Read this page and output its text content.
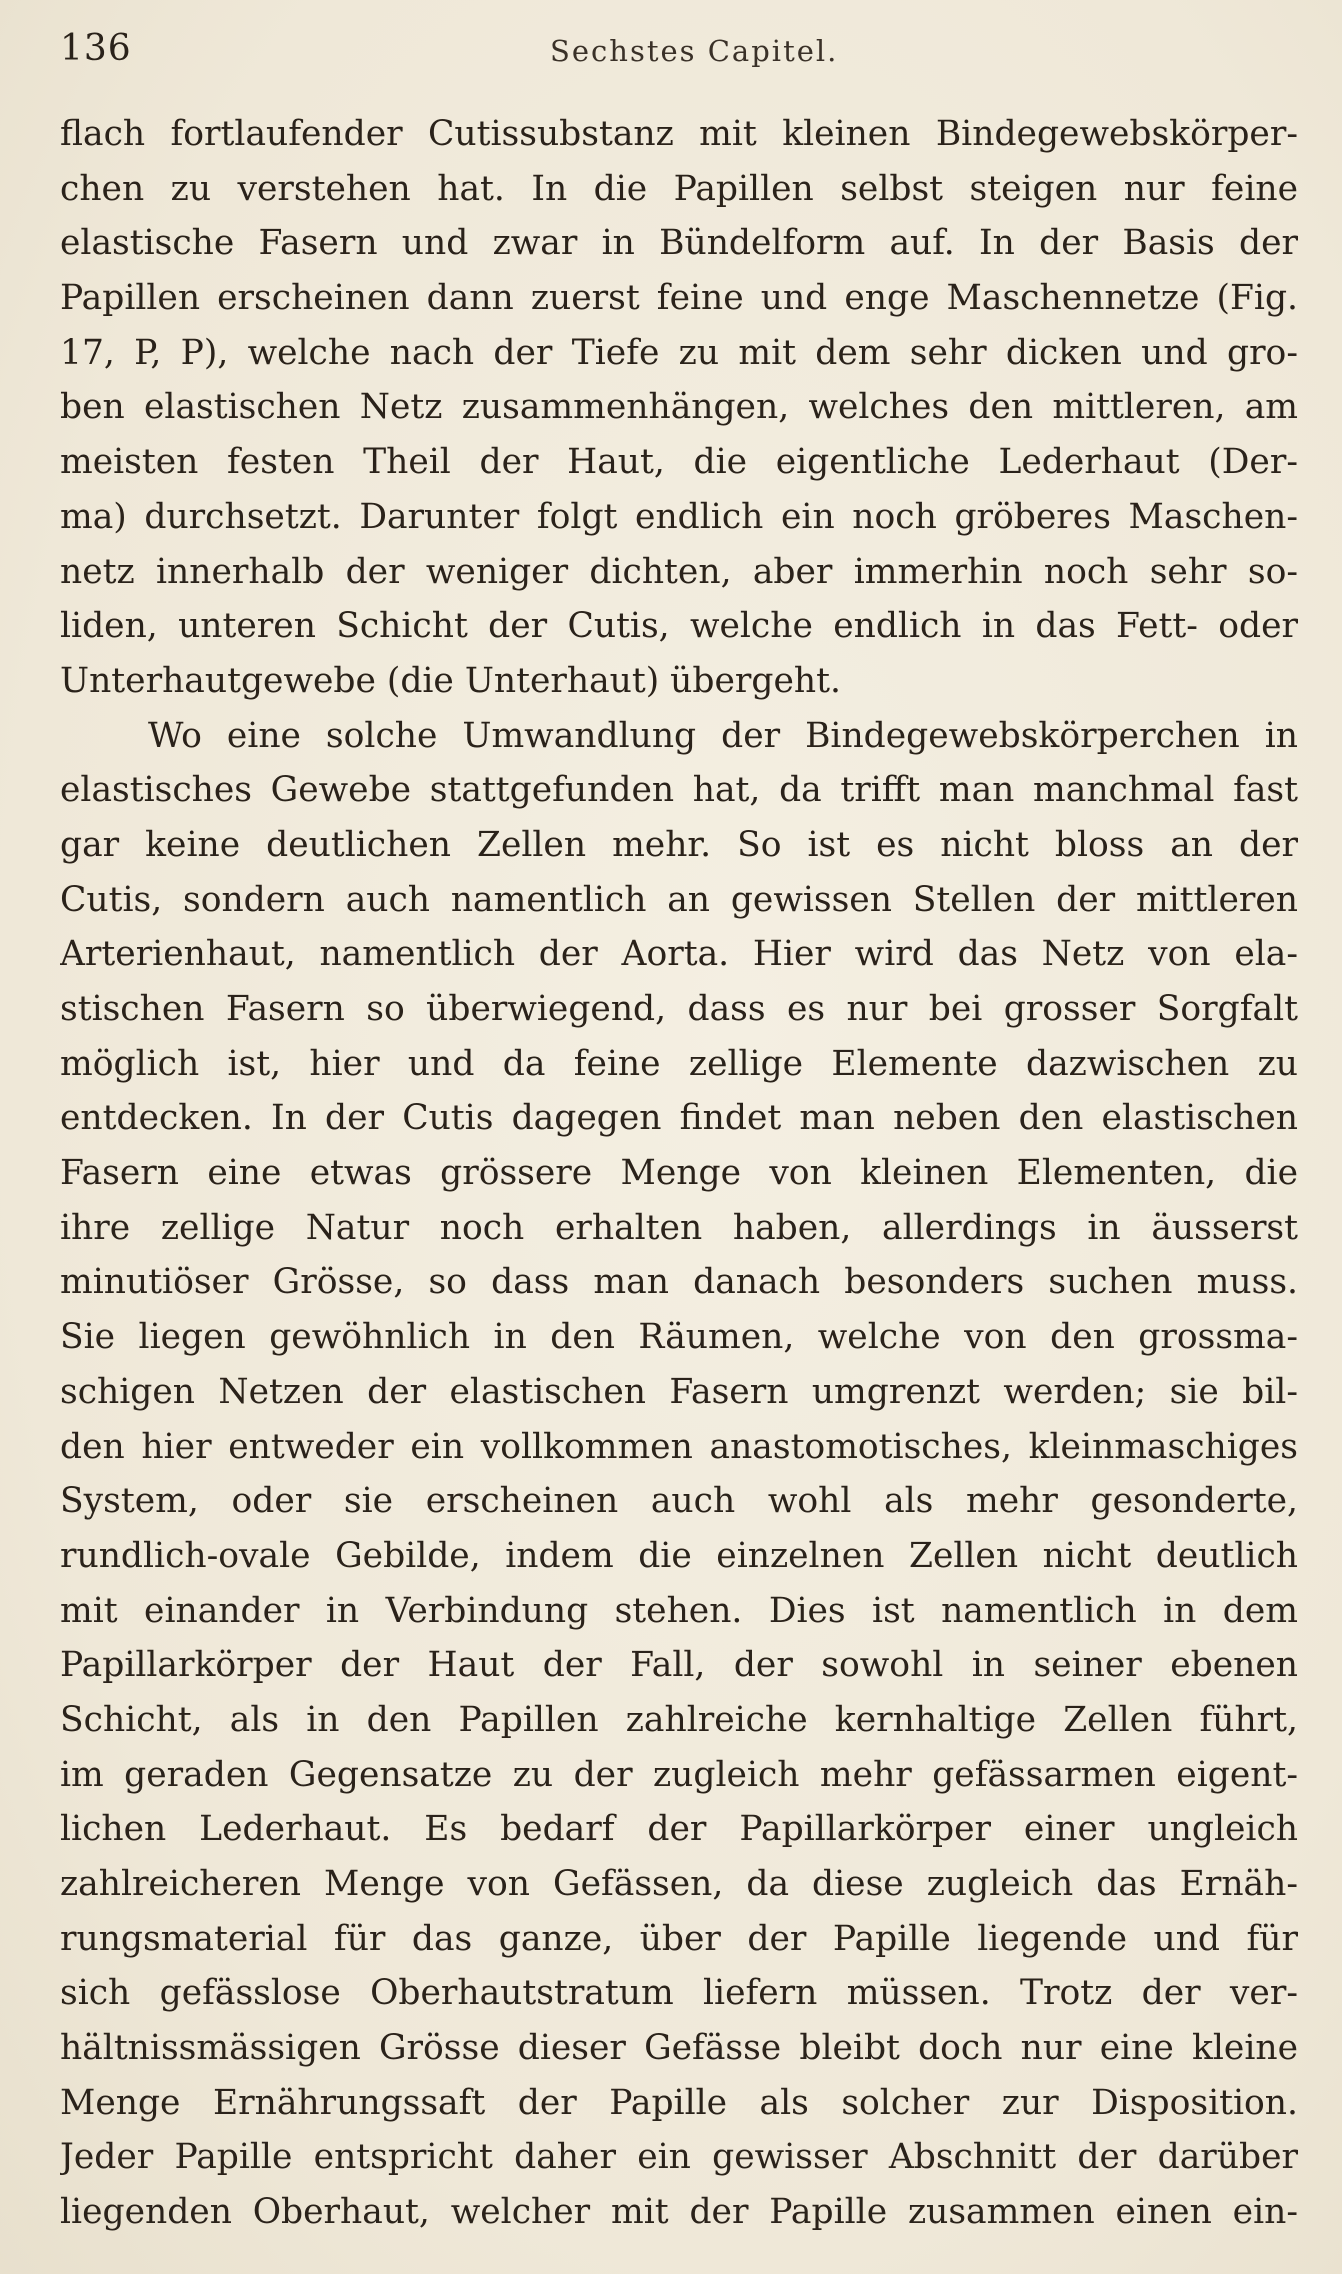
136	Sechstes Capitel.
flach fortlaufender Cutissubstanz mit kleinen Bindegewebskörper-
chen zu verstehen hat. In die Papillen selbst steigen nur feine
elastische Fasern und zwar in Bündelform auf. In der Basis der
Papillen erscheinen dann zuerst feine und enge Maschennetze (Fig.
17, P, P), welche nach der Tiefe zu mit dem sehr dicken und gro-
ben elastischen Netz zusammenhängen, welches den mittleren, am
meisten festen Theil der Haut, die eigentliche Lederhaut (Der-
ma) durchsetzt. Darunter folgt endlich ein noch gröberes Maschen-
netz innerhalb der weniger dichten, aber immerhin noch sehr so-
liden, unteren Schicht der Cutis, welche endlich in das Fett- oder
Unterhautgewebe (die Unterhaut) übergeht.
Wo eine solche Umwandlung der Bindegewebskörperchen in
elastisches Gewebe stattgefunden hat, da trifft man manchmal fast
gar keine deutlichen Zellen mehr. So ist es nicht bloss an der
Cutis, sondern auch namentlich an gewissen Stellen der mittleren
Arterienhaut, namentlich der Aorta. Hier wird das Netz von ela-
stischen Fasern so überwiegend, dass es nur bei grosser Sorgfalt
möglich ist, hier und da feine zellige Elemente dazwischen zu
entdecken. In der Cutis dagegen findet man neben den elastischen
Fasern eine etwas grössere Menge von kleinen Elementen, die
ihre zellige Natur noch erhalten haben, allerdings in äusserst
minutiöser Grösse, so dass man danach besonders suchen muss.
Sie liegen gewöhnlich in den Räumen, welche von den grossma-
schigen Netzen der elastischen Fasern umgrenzt werden; sie bil-
den hier entweder ein vollkommen anastomotisches, kleinmaschiges
System, oder sie erscheinen auch wohl als mehr gesonderte,
rundlich-ovale Gebilde, indem die einzelnen Zellen nicht deutlich
mit einander in Verbindung stehen. Dies ist namentlich in dem
Papillarkörper der Haut der Fall, der sowohl in seiner ebenen
Schicht, als in den Papillen zahlreiche kernhaltige Zellen führt,
im geraden Gegensatze zu der zugleich mehr gefässarmen eigent-
lichen Lederhaut. Es bedarf der Papillarkörper einer ungleich
zahlreicheren Menge von Gefässen, da diese zugleich das Ernäh-
rungsmaterial für das ganze, über der Papille liegende und für
sich gefässlose Oberhautstratum liefern müssen. Trotz der ver-
hältnissmässigen Grösse dieser Gefässe bleibt doch nur eine kleine
Menge Ernährungssaft der Papille als solcher zur Disposition.
Jeder Papille entspricht daher ein gewisser Abschnitt der darüber
liegenden Oberhaut, welcher mit der Papille zusammen einen ein-
